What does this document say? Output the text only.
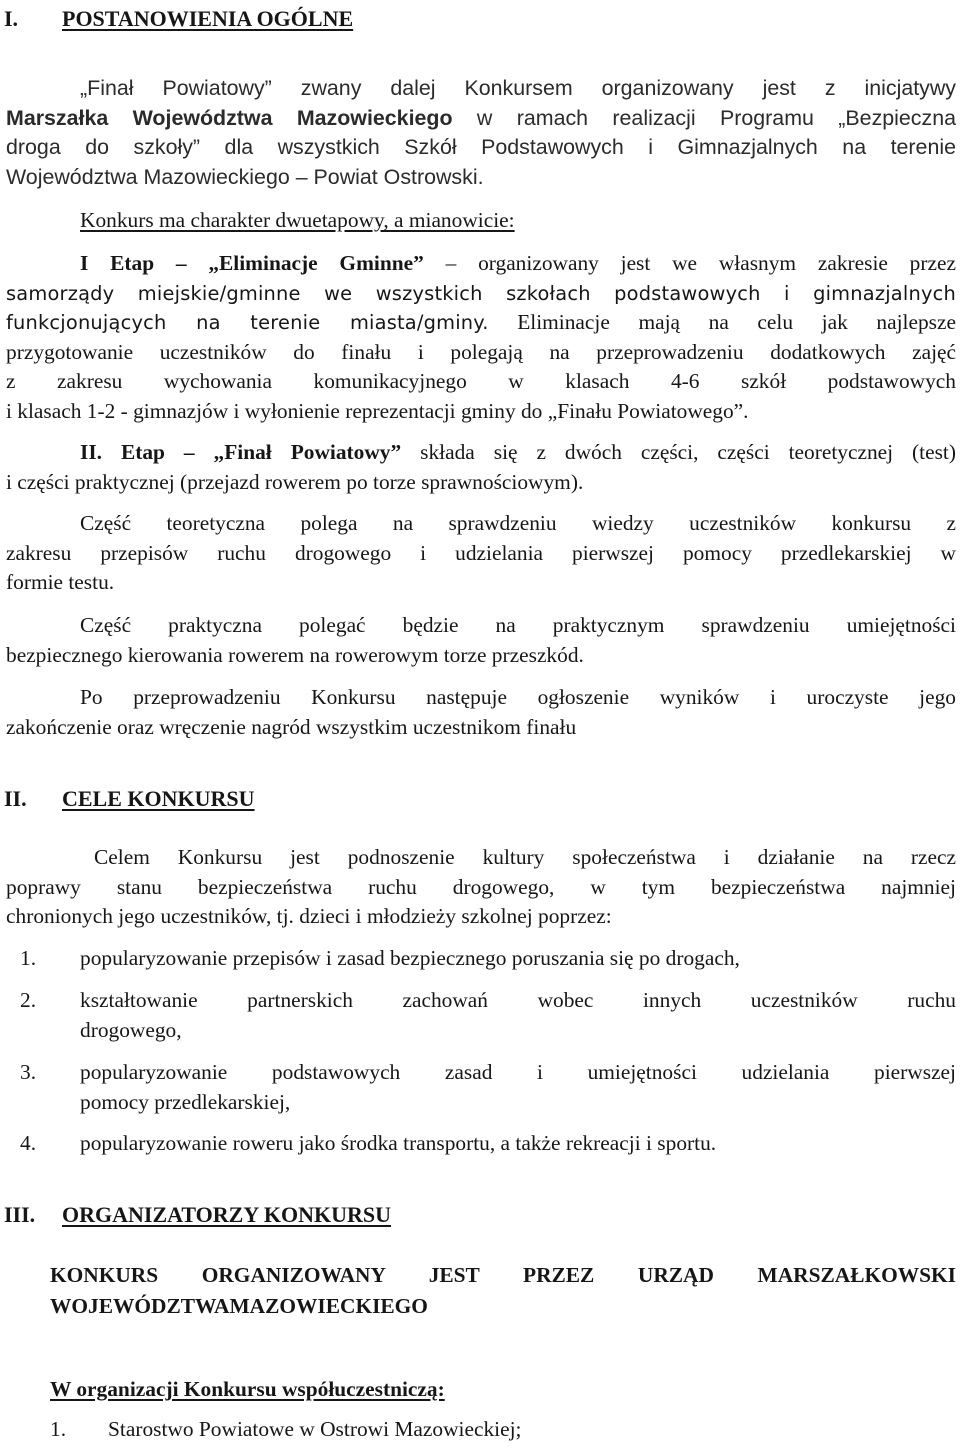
I. POSTANOWIENIA OGÓLNE
„Finał Powiatowy” zwany dalej Konkursem organizowany jest z inicjatywy
Marszałka Województwa Mazowieckiego w ramach realizacji Programu „Bezpieczna
droga do szkoły” dla wszystkich Szkół Podstawowych i Gimnazjalnych na terenie
Województwa Mazowieckiego – Powiat Ostrowski.
Konkurs ma charakter dwuetapowy, a mianowicie:
I Etap – „Eliminacje Gminne” – organizowany jest we własnym zakresie przez
samorządy miejskie/gminne we wszystkich szkołach podstawowych i gimnazjalnych
funkcjonujących na terenie miasta/gminy. Eliminacje mają na celu jak najlepsze
przygotowanie uczestników do finału i polegają na przeprowadzeniu dodatkowych zajęć
z zakresu wychowania komunikacyjnego w klasach 4-6 szkół podstawowych
i klasach 1-2 - gimnazjów i wyłonienie reprezentacji gminy do „Finału Powiatowego”.
II. Etap – „Finał Powiatowy” składa się z dwóch części, części teoretycznej (test)
i części praktycznej (przejazd rowerem po torze sprawnościowym).
Część teoretyczna polega na sprawdzeniu wiedzy uczestników konkursu z
zakresu przepisów ruchu drogowego i udzielania pierwszej pomocy przedlekarskiej w
formie testu.
Część praktyczna polegać będzie na praktycznym sprawdzeniu umiejętności
bezpiecznego kierowania rowerem na rowerowym torze przeszkód.
Po przeprowadzeniu Konkursu następuje ogłoszenie wyników i uroczyste jego
zakończenie oraz wręczenie nagród wszystkim uczestnikom finału
II. CELE KONKURSU
Celem Konkursu jest podnoszenie kultury społeczeństwa i działanie na rzecz
poprawy stanu bezpieczeństwa ruchu drogowego, w tym bezpieczeństwa najmniej
chronionych jego uczestników, tj. dzieci i młodzieży szkolnej poprzez:
1. popularyzowanie przepisów i zasad bezpiecznego poruszania się po drogach,
2. kształtowanie partnerskich zachowań wobec innych uczestników ruchu
drogowego,
3. popularyzowanie podstawowych zasad i umiejętności udzielania pierwszej
pomocy przedlekarskiej,
4. popularyzowanie roweru jako środka transportu, a także rekreacji i sportu.
III. ORGANIZATORZY KONKURSU
KONKURS ORGANIZOWANY JEST PRZEZ URZĄD MARSZAŁKOWSKI
WOJEWÓDZTWAMAZOWIECKIEGO
W organizacji Konkursu współuczestniczą:
1. Starostwo Powiatowe w Ostrowi Mazowieckiej;
